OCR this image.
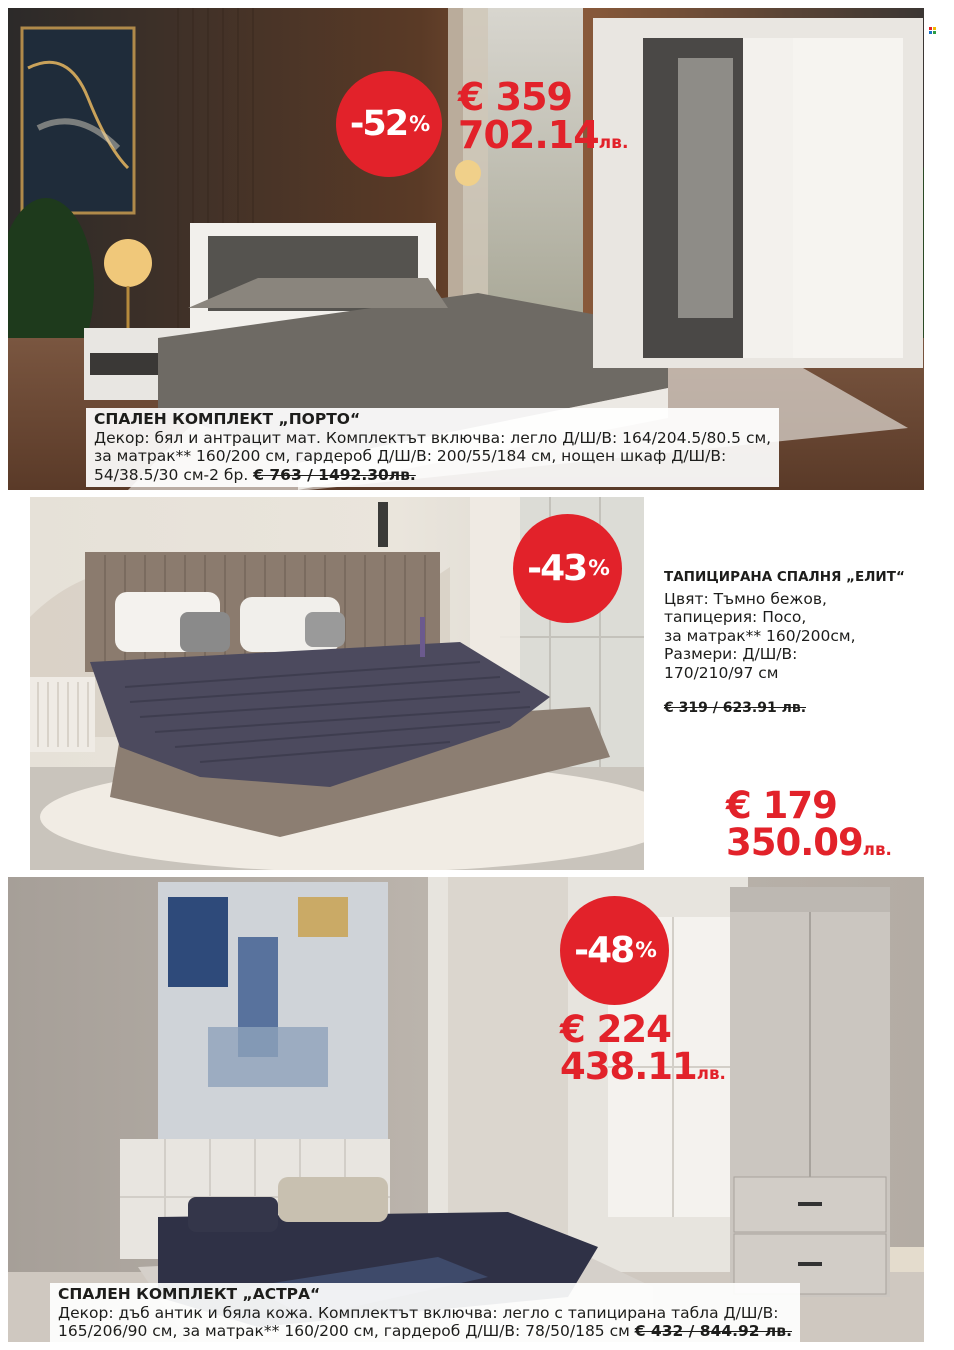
-52 %
€ 359
702.14лв.
СПАЛЕН КОМПЛЕКТ „ПОРТО“
Декор: бял и антрацит мат. Комплектът включва: легло Д/Ш/В: 164/204.5/80.5 см,
за матрак** 160/200 см, гардероб Д/Ш/В: 200/55/184 см, нощен шкаф Д/Ш/В:
54/38.5/30 см-2 бр. € 763 / 1492.30лв.
-43 %	ТАПИЦИРАНА СПАЛНЯ „ЕЛИТ“
Цвят: Тъмно бежов,
тапицерия: Посо,
за матрак** 160/200см,
Размери: Д/Ш/В:
170/210/97 см
€ 319 / 623.91 лв.
€ 179
350.09лв.
-48 %
€ 224
438.11лв.
СПАЛЕН КОМПЛЕКТ „АСТРА“
Декор: дъб антик и бяла кожа. Комплектът включва: легло с тапицирана табла Д/Ш/В:
165/206/90 см, за матрак** 160/200 см, гардероб Д/Ш/В: 78/50/185 см € 432 / 844.92 лв.
